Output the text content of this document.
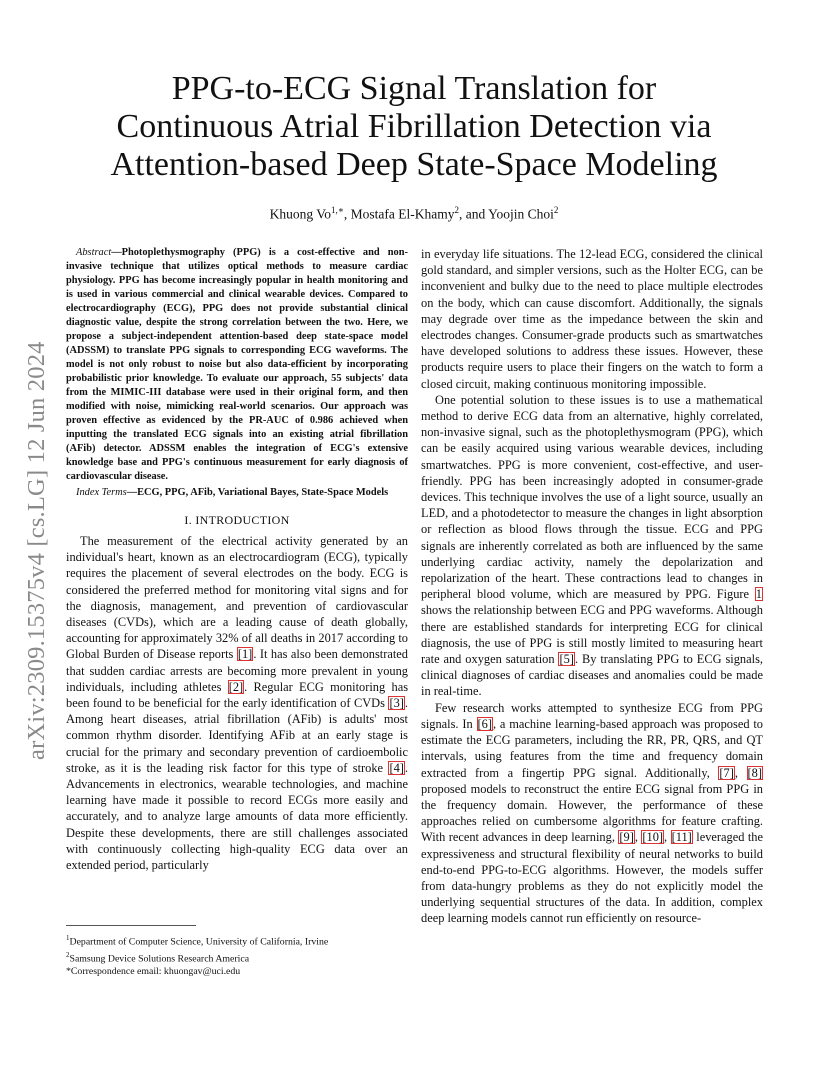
PPG-to-ECG Signal Translation for
Continuous Atrial Fibrillation Detection via
Attention-based Deep State-Space Modeling
Khuong $Vo^{1,∗}$, Mostafa El-Khamy$^2$, and Yoojin Choi$^2$
arXiv:2309.15375v4 [cs.LG] 12 Jun 2024

Abstract—Photoplethysmography (PPG) is a cost-effective and non-invasive technique that utilizes optical methods to measure cardiac physiology. PPG has become increasingly popular in health monitoring and is used in various commercial and clinical wearable devices. Compared to electrocardiography (ECG), PPG does not provide substantial clinical diagnostic value, despite the strong correlation between the two. Here, we propose a subject-independent attention-based deep state-space model (ADSSM) to translate PPG signals to corresponding ECG waveforms. The model is not only robust to noise but also data-efficient by incorporating probabilistic prior knowledge. To evaluate our approach, 55 subjects' data from the MIMIC-III database were used in their original form, and then modified with noise, mimicking real-world scenarios. Our approach was proven effective as evidenced by the PR-AUC of 0.986 achieved when inputting the translated ECG signals into an existing atrial fibrillation (AFib) detector. ADSSM enables the integration of ECG's extensive knowledge base and PPG's continuous measurement for early diagnosis of cardiovascular disease.

Index Terms—ECG, PPG, AFib, Variational Bayes, State-Space Models

I. INTRODUCTION

The measurement of the electrical activity generated by an individual's heart, known as an electrocardiogram (ECG), typically requires the placement of several electrodes on the body. ECG is considered the preferred method for monitoring vital signs and for the diagnosis, management, and prevention of cardiovascular diseases (CVDs), which are a leading cause of death globally, accounting for approximately 32% of all deaths in 2017 according to Global Burden of Disease reports [1]. It has also been demonstrated that sudden cardiac arrests are becoming more prevalent in young individuals, including athletes [2]. Regular ECG monitoring has been found to be beneficial for the early identification of CVDs [3]. Among heart diseases, atrial fibrillation (AFib) is adults' most common rhythm disorder. Identifying AFib at an early stage is crucial for the primary and secondary prevention of cardioembolic stroke, as it is the leading risk factor for this type of stroke [4]. Advancements in electronics, wearable technologies, and machine learning have made it possible to record ECGs more easily and accurately, and to analyze large amounts of data more efficiently. Despite these developments, there are still challenges associated with continuously collecting high-quality ECG data over an extended period, particularly

$^1$Department of Computer Science, University of California, Irvine
$^2$Samsung Device Solutions Research America
*Correspondence email: khuongav@uci.edu

in everyday life situations. The 12-lead ECG, considered the clinical gold standard, and simpler versions, such as the Holter ECG, can be inconvenient and bulky due to the need to place multiple electrodes on the body, which can cause discomfort. Additionally, the signals may degrade over time as the impedance between the skin and electrodes changes. Consumer-grade products such as smartwatches have developed solutions to address these issues. However, these products require users to place their fingers on the watch to form a closed circuit, making continuous monitoring impossible.

One potential solution to these issues is to use a mathematical method to derive ECG data from an alternative, highly correlated, non-invasive signal, such as the photoplethysmogram (PPG), which can be easily acquired using various wearable devices, including smartwatches. PPG is more convenient, cost-effective, and user-friendly. PPG has been increasingly adopted in consumer-grade devices. This technique involves the use of a light source, usually an LED, and a photodetector to measure the changes in light absorption or reflection as blood flows through the tissue. ECG and PPG signals are inherently correlated as both are influenced by the same underlying cardiac activity, namely the depolarization and repolarization of the heart. These contractions lead to changes in peripheral blood volume, which are measured by PPG. Figure 1 shows the relationship between ECG and PPG waveforms. Although there are established standards for interpreting ECG for clinical diagnosis, the use of PPG is still mostly limited to measuring heart rate and oxygen saturation [5]. By translating PPG to ECG signals, clinical diagnoses of cardiac diseases and anomalies could be made in real-time.

Few research works attempted to synthesize ECG from PPG signals. In [6], a machine learning-based approach was proposed to estimate the ECG parameters, including the RR, PR, QRS, and QT intervals, using features from the time and frequency domain extracted from a fingertip PPG signal. Additionally, [7], [8] proposed models to reconstruct the entire ECG signal from PPG in the frequency domain. However, the performance of these approaches relied on cumbersome algorithms for feature crafting. With recent advances in deep learning, [9], [10], [11] leveraged the expressiveness and structural flexibility of neural networks to build end-to-end PPG-to-ECG algorithms. However, the models suffer from data-hungry problems as they do not explicitly model the underlying sequential structures of the data. In addition, complex deep learning models cannot run efficiently on resource-
